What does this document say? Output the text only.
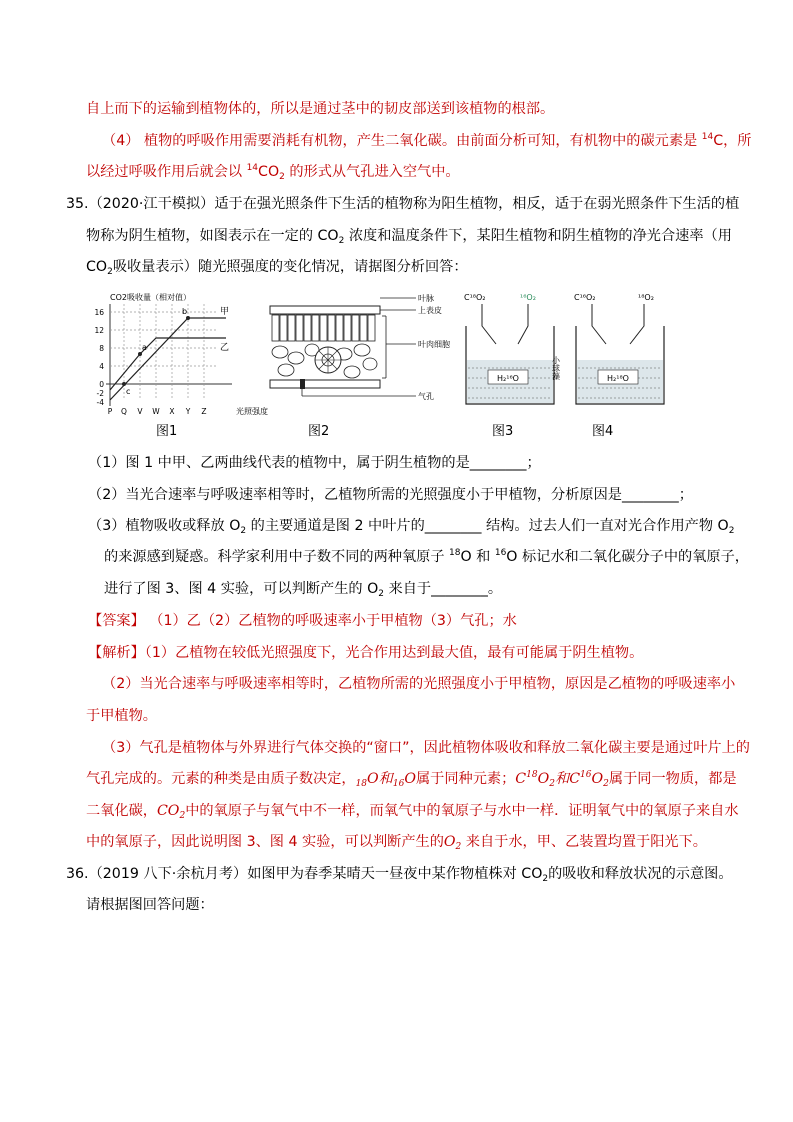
自上而下的运输到植物体的，所以是通过茎中的韧皮部送到该植物的根部。
（4） 植物的呼吸作用需要消耗有机物，产生二氧化碳。由前面分析可知，有机物中的碳元素是 $^{14}$C，所
以经过呼吸作用后就会以 $^{14}CO_2$ 的形式从气孔进入空气中。
35.（2020·江干模拟）适于在强光照条件下生活的植物称为阳生植物，相反，适于在弱光照条件下生活的植
物称为阴生植物，如图表示在一定的 $CO_2$ 浓度和温度条件下，某阳生植物和阴生植物的净光合速率（用
$CO_2$吸收量表示）随光照强度的变化情况，请据图分析回答：
CO2吸收量（相对值）
16
12
8
4
0
-2
-4
P Q V W X Y Z	光照强度
a
b
c
甲
乙
图1
叶脉
上表皮
叶肉细胞
气孔
图2
H₂¹⁶O
C¹⁸O₂	¹⁶O₂
小球藻	H₂¹⁸O
C¹⁶O₂	¹⁸O₂
图3	图4
（1）图 1 中甲、乙两曲线代表的植物中，属于阴生植物的是________；
（2）当光合速率与呼吸速率相等时，乙植物所需的光照强度小于甲植物，分析原因是________；
（3）植物吸收或释放 $O_2$ 的主要通道是图 2 中叶片的________ 结构。过去人们一直对光合作用产物 $O_2$
的来源感到疑惑。科学家利用中子数不同的两种氧原子 $^{18}$O 和 $^{16}$O 标记水和二氧化碳分子中的氧原子，
进行了图 3、图 4 实验，可以判断产生的 $O_2$ 来自于________。
【答案】 （1）乙（2）乙植物的呼吸速率小于甲植物（3）气孔；水
【解析】（1）乙植物在较低光照强度下，光合作用达到最大值，最有可能属于阴生植物。
（2）当光合速率与呼吸速率相等时，乙植物所需的光照强度小于甲植物，原因是乙植物的呼吸速率小
于甲植物。
（3）气孔是植物体与外界进行气体交换的“窗口”，因此植物体吸收和释放二氧化碳主要是通过叶片上的
气孔完成的。元素的种类是由质子数决定，$_{18}$O和$_{16}$O属于同种元素；$C^{18}O_2$和$C^{16}O_2$属于同一物质，都是
二氧化碳，$CO_2$中的氧原子与氧气中不一样，而氧气中的氧原子与水中一样．证明氧气中的氧原子来自水
中的氧原子，因此说明图 3、图 4 实验，可以判断产生的$O_2$ 来自于水，甲、乙装置均置于阳光下。
36.（2019 八下·余杭月考）如图甲为春季某晴天一昼夜中某作物植株对 $CO_2$的吸收和释放状况的示意图。
请根据图回答问题：
